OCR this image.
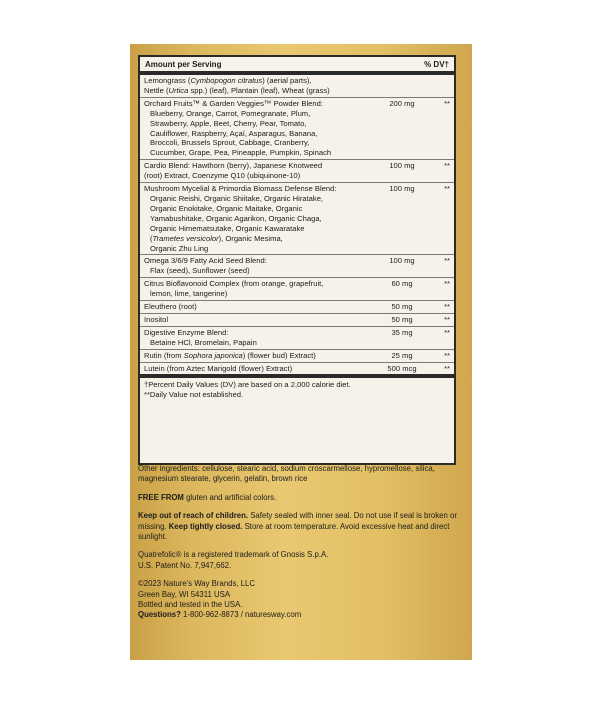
Amount per Serving	% DV†
Lemongrass (Cymbopogon citratus) (aerial parts),
Nettle (Urtica spp.) (leaf), Plantain (leaf), Wheat (grass)
Orchard Fruits™ & Garden Veggies™ Powder Blend:
Blueberry, Orange, Carrot, Pomegranate, Plum,
Strawberry, Apple, Beet, Cherry, Pear, Tomato,
Cauliflower, Raspberry, Açaí, Asparagus, Banana,
Broccoli, Brussels Sprout, Cabbage, Cranberry,
Cucumber, Grape, Pea, Pineapple, Pumpkin, Spinach
200 mg	**
Cardio Blend: Hawthorn (berry), Japanese Knotweed
(root) Extract, Coenzyme Q10 (ubiquinone-10)
100 mg	**
Mushroom Mycelial & Primordia Biomass Defense Blend:
Organic Reishi, Organic Shiitake, Organic Hiratake,
Organic Enokitake, Organic Maitake, Organic
Yamabushitake, Organic Agarikon, Organic Chaga,
Organic Himematsutake, Organic Kawaratake
(Trametes versicolor), Organic Mesima,
Organic Zhu Ling
100 mg	**
Omega 3/6/9 Fatty Acid Seed Blend:
Flax (seed), Sunflower (seed)
100 mg	**
Citrus Bioflavonoid Complex (from orange, grapefruit,
lemon, lime, tangerine)
60 mg	**
Eleuthero (root)	50 mg	**
Inositol	50 mg	**
Digestive Enzyme Blend:
Betaine HCl, Bromelain, Papain
35 mg	**
Rutin (from Sophora japonica) (flower bud) Extract)	25 mg	**
Lutein (from Aztec Marigold (flower) Extract)	500 mcg	**
†Percent Daily Values (DV) are based on a 2,000 calorie diet.
**Daily Value not established.

Other ingredients: cellulose, stearic acid, sodium croscarmellose, hypromellose, silica, magnesium stearate, glycerin, gelatin, brown rice

FREE FROM gluten and artificial colors.

Keep out of reach of children. Safety sealed with inner seal. Do not use if seal is broken or missing. Keep tightly closed. Store at room temperature. Avoid excessive heat and direct sunlight.

Quatrefolic® is a registered trademark of Gnosis S.p.A.
U.S. Patent No. 7,947,662.

©2023 Nature's Way Brands, LLC
Green Bay, WI 54311 USA
Bottled and tested in the USA.
Questions? 1-800-962-8873 / naturesway.com
